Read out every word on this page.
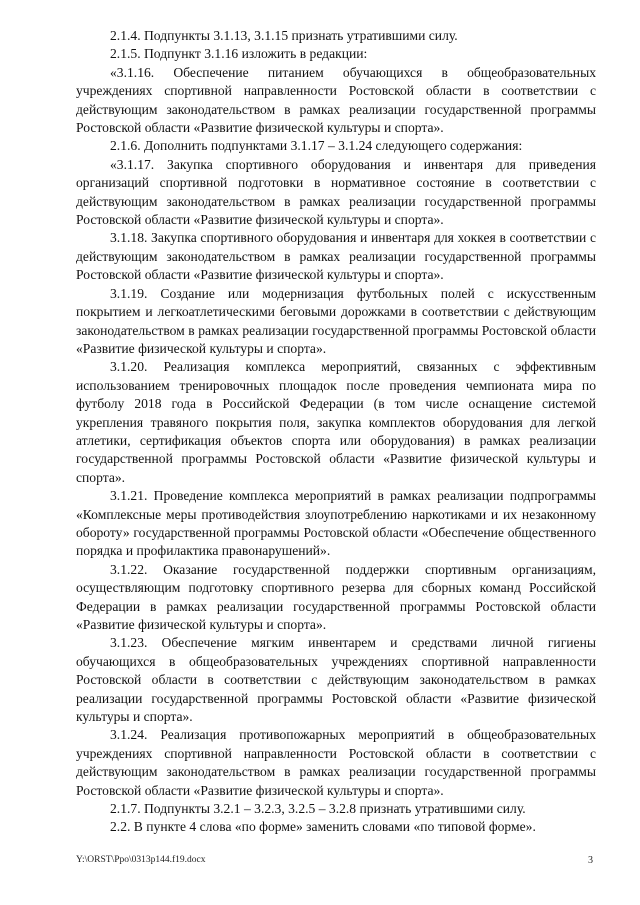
2.1.4. Подпункты 3.1.13, 3.1.15 признать утратившими силу.

2.1.5. Подпункт 3.1.16 изложить в редакции:

«3.1.16. Обеспечение питанием обучающихся в общеобразовательных учреждениях спортивной направленности Ростовской области в соответствии с действующим законодательством в рамках реализации государственной программы Ростовской области «Развитие физической культуры и спорта».

2.1.6. Дополнить подпунктами 3.1.17 – 3.1.24 следующего содержания:

«3.1.17. Закупка спортивного оборудования и инвентаря для приведения организаций спортивной подготовки в нормативное состояние в соответствии с действующим законодательством в рамках реализации государственной программы Ростовской области «Развитие физической культуры и спорта».

3.1.18. Закупка спортивного оборудования и инвентаря для хоккея в соответствии с действующим законодательством в рамках реализации государственной программы Ростовской области «Развитие физической культуры и спорта».

3.1.19. Создание или модернизация футбольных полей с искусственным покрытием и легкоатлетическими беговыми дорожками в соответствии с действующим законодательством в рамках реализации государственной программы Ростовской области «Развитие физической культуры и спорта».

3.1.20. Реализация комплекса мероприятий, связанных с эффективным использованием тренировочных площадок после проведения чемпионата мира по футболу 2018 года в Российской Федерации (в том числе оснащение системой укрепления травяного покрытия поля, закупка комплектов оборудования для легкой атлетики, сертификация объектов спорта или оборудования) в рамках реализации государственной программы Ростовской области «Развитие физической культуры и спорта».

3.1.21. Проведение комплекса мероприятий в рамках реализации подпрограммы «Комплексные меры противодействия злоупотреблению наркотиками и их незаконному обороту» государственной программы Ростовской области «Обеспечение общественного порядка и профилактика правонарушений».

3.1.22. Оказание государственной поддержки спортивным организациям, осуществляющим подготовку спортивного резерва для сборных команд Российской Федерации в рамках реализации государственной программы Ростовской области «Развитие физической культуры и спорта».

3.1.23. Обеспечение мягким инвентарем и средствами личной гигиены обучающихся в общеобразовательных учреждениях спортивной направленности Ростовской области в соответствии с действующим законодательством в рамках реализации государственной программы Ростовской области «Развитие физической культуры и спорта».

3.1.24. Реализация противопожарных мероприятий в общеобразовательных учреждениях спортивной направленности Ростовской области в соответствии с действующим законодательством в рамках реализации государственной программы Ростовской области «Развитие физической культуры и спорта».

2.1.7. Подпункты 3.2.1 – 3.2.3, 3.2.5 – 3.2.8 признать утратившими силу.

2.2. В пункте 4 слова «по форме» заменить словами «по типовой форме».

Y:\ORST\Ppo\0313p144.f19.docx	3
